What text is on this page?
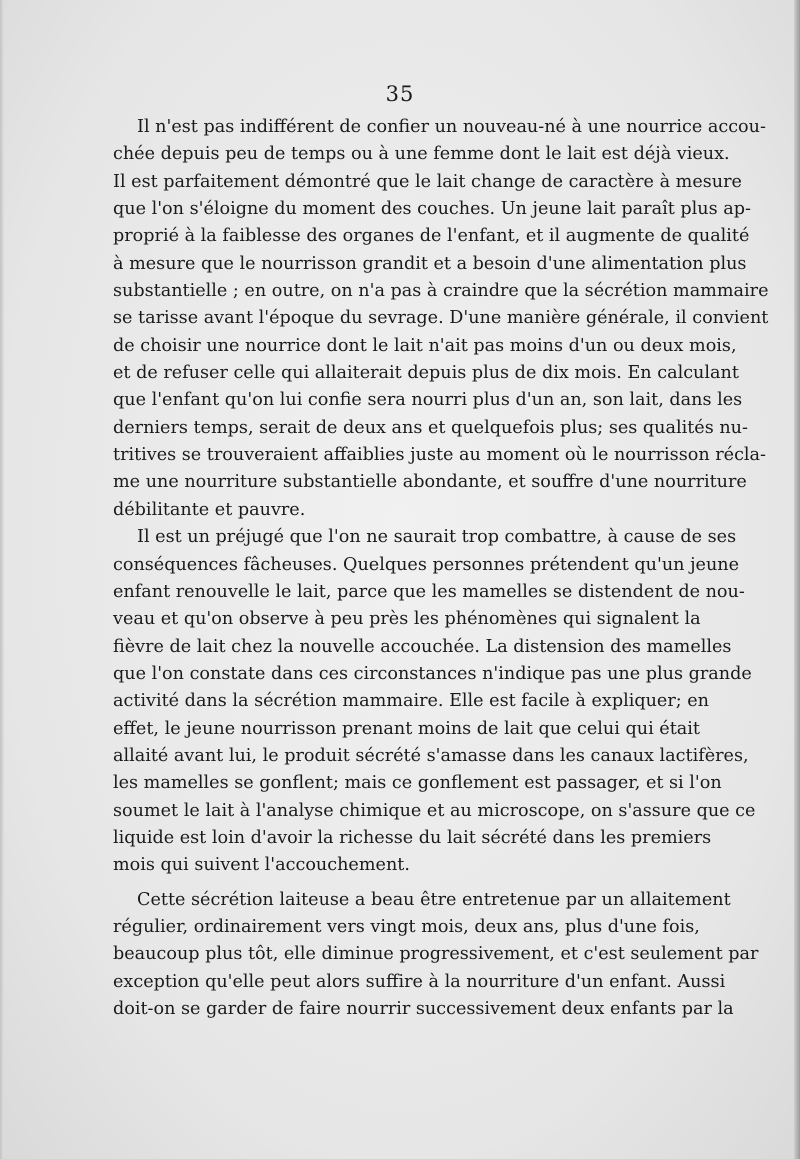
35
Il n'est pas indifférent de confier un nouveau-né à une nourrice accou-
chée depuis peu de temps ou à une femme dont le lait est déjà vieux.
Il est parfaitement démontré que le lait change de caractère à mesure
que l'on s'éloigne du moment des couches. Un jeune lait paraît plus ap-
proprié à la faiblesse des organes de l'enfant, et il augmente de qualité
à mesure que le nourrisson grandit et a besoin d'une alimentation plus
substantielle ; en outre, on n'a pas à craindre que la sécrétion mammaire
se tarisse avant l'époque du sevrage. D'une manière générale, il convient
de choisir une nourrice dont le lait n'ait pas moins d'un ou deux mois,
et de refuser celle qui allaiterait depuis plus de dix mois. En calculant
que l'enfant qu'on lui confie sera nourri plus d'un an, son lait, dans les
derniers temps, serait de deux ans et quelquefois plus; ses qualités nu-
tritives se trouveraient affaiblies juste au moment où le nourrisson récla-
me une nourriture substantielle abondante, et souffre d'une nourriture
débilitante et pauvre.
Il est un préjugé que l'on ne saurait trop combattre, à cause de ses
conséquences fâcheuses. Quelques personnes prétendent qu'un jeune
enfant renouvelle le lait, parce que les mamelles se distendent de nou-
veau et qu'on observe à peu près les phénomènes qui signalent la
fièvre de lait chez la nouvelle accouchée. La distension des mamelles
que l'on constate dans ces circonstances n'indique pas une plus grande
activité dans la sécrétion mammaire. Elle est facile à expliquer; en
effet, le jeune nourrisson prenant moins de lait que celui qui était
allaité avant lui, le produit sécrété s'amasse dans les canaux lactifères,
les mamelles se gonflent; mais ce gonflement est passager, et si l'on
soumet le lait à l'analyse chimique et au microscope, on s'assure que ce
liquide est loin d'avoir la richesse du lait sécrété dans les premiers
mois qui suivent l'accouchement.
Cette sécrétion laiteuse a beau être entretenue par un allaitement
régulier, ordinairement vers vingt mois, deux ans, plus d'une fois,
beaucoup plus tôt, elle diminue progressivement, et c'est seulement par
exception qu'elle peut alors suffire à la nourriture d'un enfant. Aussi
doit-on se garder de faire nourrir successivement deux enfants par la
